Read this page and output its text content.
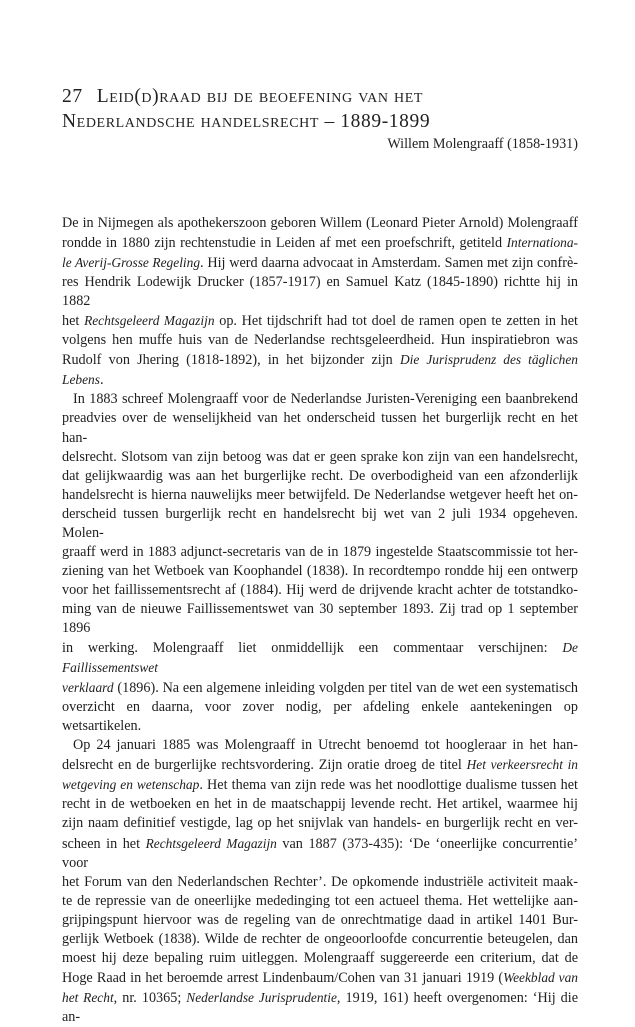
27 Leid(d)raad bij de beoefening van het
Nederlandsche handelsrecht – 1889-1899
Willem Molengraaff (1858-1931)

De in Nijmegen als apothekerszoon geboren Willem (Leonard Pieter Arnold) Molengraaff
rondde in 1880 zijn rechtenstudie in Leiden af met een proefschrift, getiteld Internationa-
le Averij-Grosse Regeling. Hij werd daarna advocaat in Amsterdam. Samen met zijn confrè-
res Hendrik Lodewijk Drucker (1857-1917) en Samuel Katz (1845-1890) richtte hij in 1882
het Rechtsgeleerd Magazijn op. Het tijdschrift had tot doel de ramen open te zetten in het
volgens hen muffe huis van de Nederlandse rechtsgeleerdheid. Hun inspiratiebron was
Rudolf von Jhering (1818-1892), in het bijzonder zijn Die Jurisprudenz des täglichen Lebens.

In 1883 schreef Molengraaff voor de Nederlandse Juristen-Vereniging een baanbrekend
preadvies over de wenselijkheid van het onderscheid tussen het burgerlijk recht en het han-
delsrecht. Slotsom van zijn betoog was dat er geen sprake kon zijn van een handelsrecht,
dat gelijkwaardig was aan het burgerlijke recht. De overbodigheid van een afzonderlijk
handelsrecht is hierna nauwelijks meer betwijfeld. De Nederlandse wetgever heeft het on-
derscheid tussen burgerlijk recht en handelsrecht bij wet van 2 juli 1934 opgeheven. Molen-
graaff werd in 1883 adjunct-secretaris van de in 1879 ingestelde Staatscommissie tot her-
ziening van het Wetboek van Koophandel (1838). In recordtempo rondde hij een ontwerp
voor het faillissementsrecht af (1884). Hij werd de drijvende kracht achter de totstandko-
ming van de nieuwe Faillissementswet van 30 september 1893. Zij trad op 1 september 1896
in werking. Molengraaff liet onmiddellijk een commentaar verschijnen: De Faillissementswet
verklaard (1896). Na een algemene inleiding volgden per titel van de wet een systematisch
overzicht en daarna, voor zover nodig, per afdeling enkele aantekeningen op wetsartikelen.

Op 24 januari 1885 was Molengraaff in Utrecht benoemd tot hoogleraar in het han-
delsrecht en de burgerlijke rechtsvordering. Zijn oratie droeg de titel Het verkeersrecht in
wetgeving en wetenschap. Het thema van zijn rede was het noodlottige dualisme tussen het
recht in de wetboeken en het in de maatschappij levende recht. Het artikel, waarmee hij
zijn naam definitief vestigde, lag op het snijvlak van handels- en burgerlijk recht en ver-
scheen in het Rechtsgeleerd Magazijn van 1887 (373-435): ‘De ‘oneerlijke concurrentie’ voor
het Forum van den Nederlandschen Rechter’. De opkomende industriële activiteit maak-
te de repressie van de oneerlijke mededinging tot een actueel thema. Het wettelijke aan-
grijpingspunt hiervoor was de regeling van de onrechtmatige daad in artikel 1401 Bur-
gerlijk Wetboek (1838). Wilde de rechter de ongeoorloofde concurrentie beteugelen, dan
moest hij deze bepaling ruim uitleggen. Molengraaff suggereerde een criterium, dat de
Hoge Raad in het beroemde arrest Lindenbaum/Cohen van 31 januari 1919 (Weekblad van
het Recht, nr. 10365; Nederlandse Jurisprudentie, 1919, 161) heeft overgenomen: ‘Hij die an-
